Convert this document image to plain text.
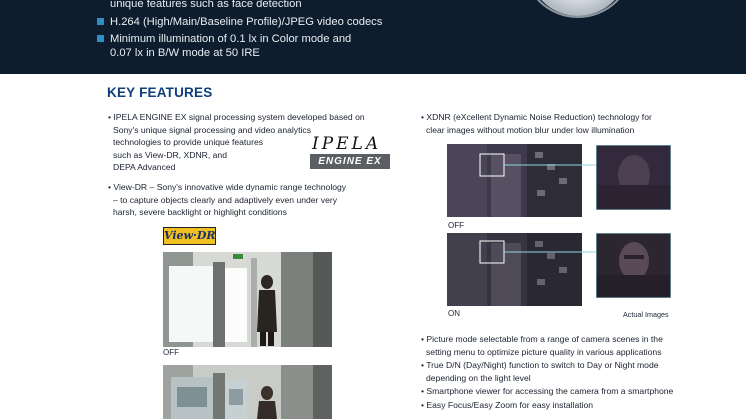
unique features such as face detection
H.264 (High/Main/Baseline Profile)/JPEG video codecs
Minimum illumination of 0.1 lx in Color mode and
0.07 lx in B/W mode at 50 IRE
KEY FEATURES
• IPELA ENGINE EX signal processing system developed based on
Sony's unique signal processing and video analytics
technologies to provide unique features
such as View-DR, XDNR, and
DEPA Advanced
IPELA
ENGINE EX
• View-DR – Sony's innovative wide dynamic range technology
– to capture objects clearly and adaptively even under very
harsh, severe backlight or highlight conditions
View·DR
OFF
• XDNR (eXcellent Dynamic Noise Reduction) technology for
clear images without motion blur under low illumination
OFF
ON	Actual Images
• Picture mode selectable from a range of camera scenes in the
setting menu to optimize picture quality in various applications
• True D/N (Day/Night) function to switch to Day or Night mode
depending on the light level
• Smartphone viewer for accessing the camera from a smartphone
• Easy Focus/Easy Zoom for easy installation
